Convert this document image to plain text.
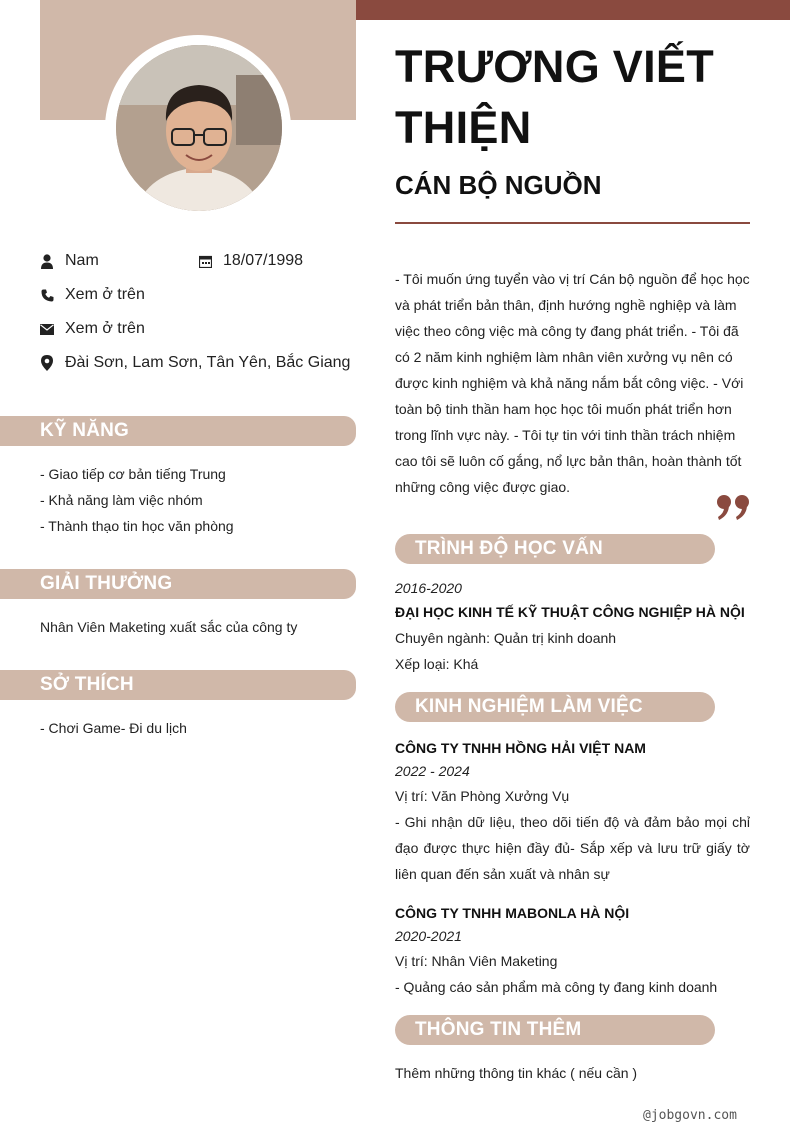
Nam	18/07/1998
Xem ở trên
Xem ở trên
Đài Sơn, Lam Sơn, Tân Yên, Bắc Giang
KỸ NĂNG
- Giao tiếp cơ bản tiếng Trung
- Khả năng làm việc nhóm
- Thành thạo tin học văn phòng
GIẢI THƯỞNG
Nhân Viên Maketing xuất sắc của công ty
SỞ THÍCH
- Chơi Game- Đi du lịch
TRƯƠNG VIẾT THIỆN
CÁN BỘ NGUỒN
- Tôi muốn ứng tuyển vào vị trí Cán bộ nguồn để học học và phát triển bản thân, định hướng nghề nghiệp và làm việc theo công việc mà công ty đang phát triển. - Tôi đã có 2 năm kinh nghiệm làm nhân viên xưởng vụ nên có được kinh nghiệm và khả năng nắm bắt công việc. - Với toàn bộ tinh thần ham học học tôi muốn phát triển hơn trong lĩnh vực này. - Tôi tự tin với tinh thần trách nhiệm cao tôi sẽ luôn cố gắng, nổ lực bản thân, hoàn thành tốt những công việc được giao.
TRÌNH ĐỘ HỌC VẤN
2016-2020
ĐẠI HỌC KINH TẾ KỸ THUẬT CÔNG NGHIỆP HÀ NỘI
Chuyên ngành: Quản trị kinh doanh
Xếp loại: Khá
KINH NGHIỆM LÀM VIỆC
CÔNG TY TNHH HỒNG HẢI VIỆT NAM
2022 - 2024
Vị trí: Văn Phòng Xưởng Vụ
- Ghi nhận dữ liệu, theo dõi tiến độ và đảm bảo mọi chỉ đạo được thực hiện đầy đủ- Sắp xếp và lưu trữ giấy tờ liên quan đến sản xuất và nhân sự
CÔNG TY TNHH MABONLA HÀ NỘI
2020-2021
Vị trí: Nhân Viên Maketing
- Quảng cáo sản phẩm mà công ty đang kinh doanh
THÔNG TIN THÊM
Thêm những thông tin khác ( nếu cần )
@jobgovn.com
